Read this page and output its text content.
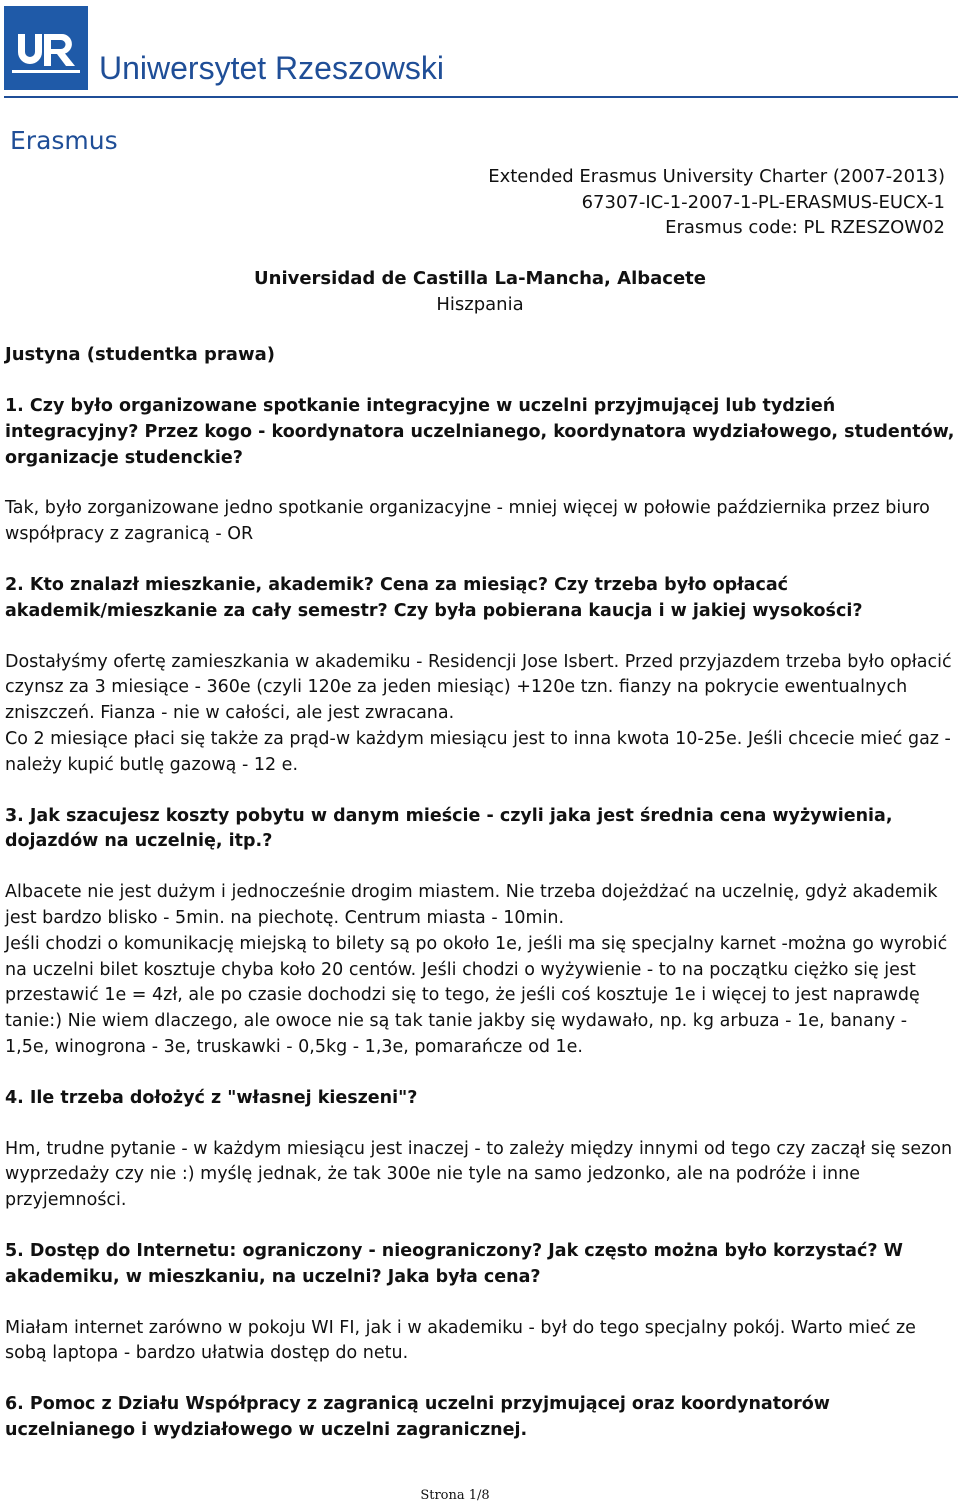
Uniwersytet Rzeszowski
Erasmus
Extended Erasmus University Charter (2007-2013)
67307-IC-1-2007-1-PL-ERASMUS-EUCX-1
Erasmus code: PL RZESZOW02
Universidad de Castilla La-Mancha, Albacete
Hiszpania
Justyna (studentka prawa)

1. Czy było organizowane spotkanie integracyjne w uczelni przyjmującej lub tydzień integracyjny? Przez kogo - koordynatora uczelnianego, koordynatora wydziałowego, studentów, organizacje studenckie?

Tak, było zorganizowane jedno spotkanie organizacyjne - mniej więcej w połowie października przez biuro współpracy z zagranicą - OR

2. Kto znalazł mieszkanie, akademik? Cena za miesiąc? Czy trzeba było opłacać akademik/mieszkanie za cały semestr? Czy była pobierana kaucja i w jakiej wysokości?

Dostałyśmy ofertę zamieszkania w akademiku - Residencji Jose Isbert. Przed przyjazdem trzeba było opłacić czynsz za 3 miesiące - 360e (czyli 120e za jeden miesiąc) +120e tzn. fianzy na pokrycie ewentualnych zniszczeń. Fianza - nie w całości, ale jest zwracana.

Co 2 miesiące płaci się także za prąd-w każdym miesiącu jest to inna kwota 10-25e. Jeśli chcecie mieć gaz - należy kupić butlę gazową - 12 e.

3. Jak szacujesz koszty pobytu w danym mieście - czyli jaka jest średnia cena wyżywienia, dojazdów na uczelnię, itp.?

Albacete nie jest dużym i jednocześnie drogim miastem. Nie trzeba dojeżdżać na uczelnię, gdyż akademik jest bardzo blisko - 5min. na piechotę. Centrum miasta - 10min.

Jeśli chodzi o komunikację miejską to bilety są po około 1e, jeśli ma się specjalny karnet -można go wyrobić na uczelni bilet kosztuje chyba koło 20 centów. Jeśli chodzi o wyżywienie - to na początku ciężko się jest przestawić 1e = 4zł, ale po czasie dochodzi się to tego, że jeśli coś kosztuje 1e i więcej to jest naprawdę tanie:) Nie wiem dlaczego, ale owoce nie są tak tanie jakby się wydawało, np. kg arbuza - 1e, banany - 1,5e, winogrona - 3e, truskawki - 0,5kg - 1,3e, pomarańcze od 1e.

4. Ile trzeba dołożyć z "własnej kieszeni"?

Hm, trudne pytanie - w każdym miesiącu jest inaczej - to zależy między innymi od tego czy zaczął się sezon wyprzedaży czy nie :) myślę jednak, że tak 300e nie tyle na samo jedzonko, ale na podróże i inne przyjemności.

5. Dostęp do Internetu: ograniczony - nieograniczony? Jak często można było korzystać? W akademiku, w mieszkaniu, na uczelni? Jaka była cena?

Miałam internet zarówno w pokoju WI FI, jak i w akademiku - był do tego specjalny pokój. Warto mieć ze sobą laptopa - bardzo ułatwia dostęp do netu.

6. Pomoc z Działu Współpracy z zagranicą uczelni przyjmującej oraz koordynatorów uczelnianego i wydziałowego w uczelni zagranicznej.

Strona 1/8
